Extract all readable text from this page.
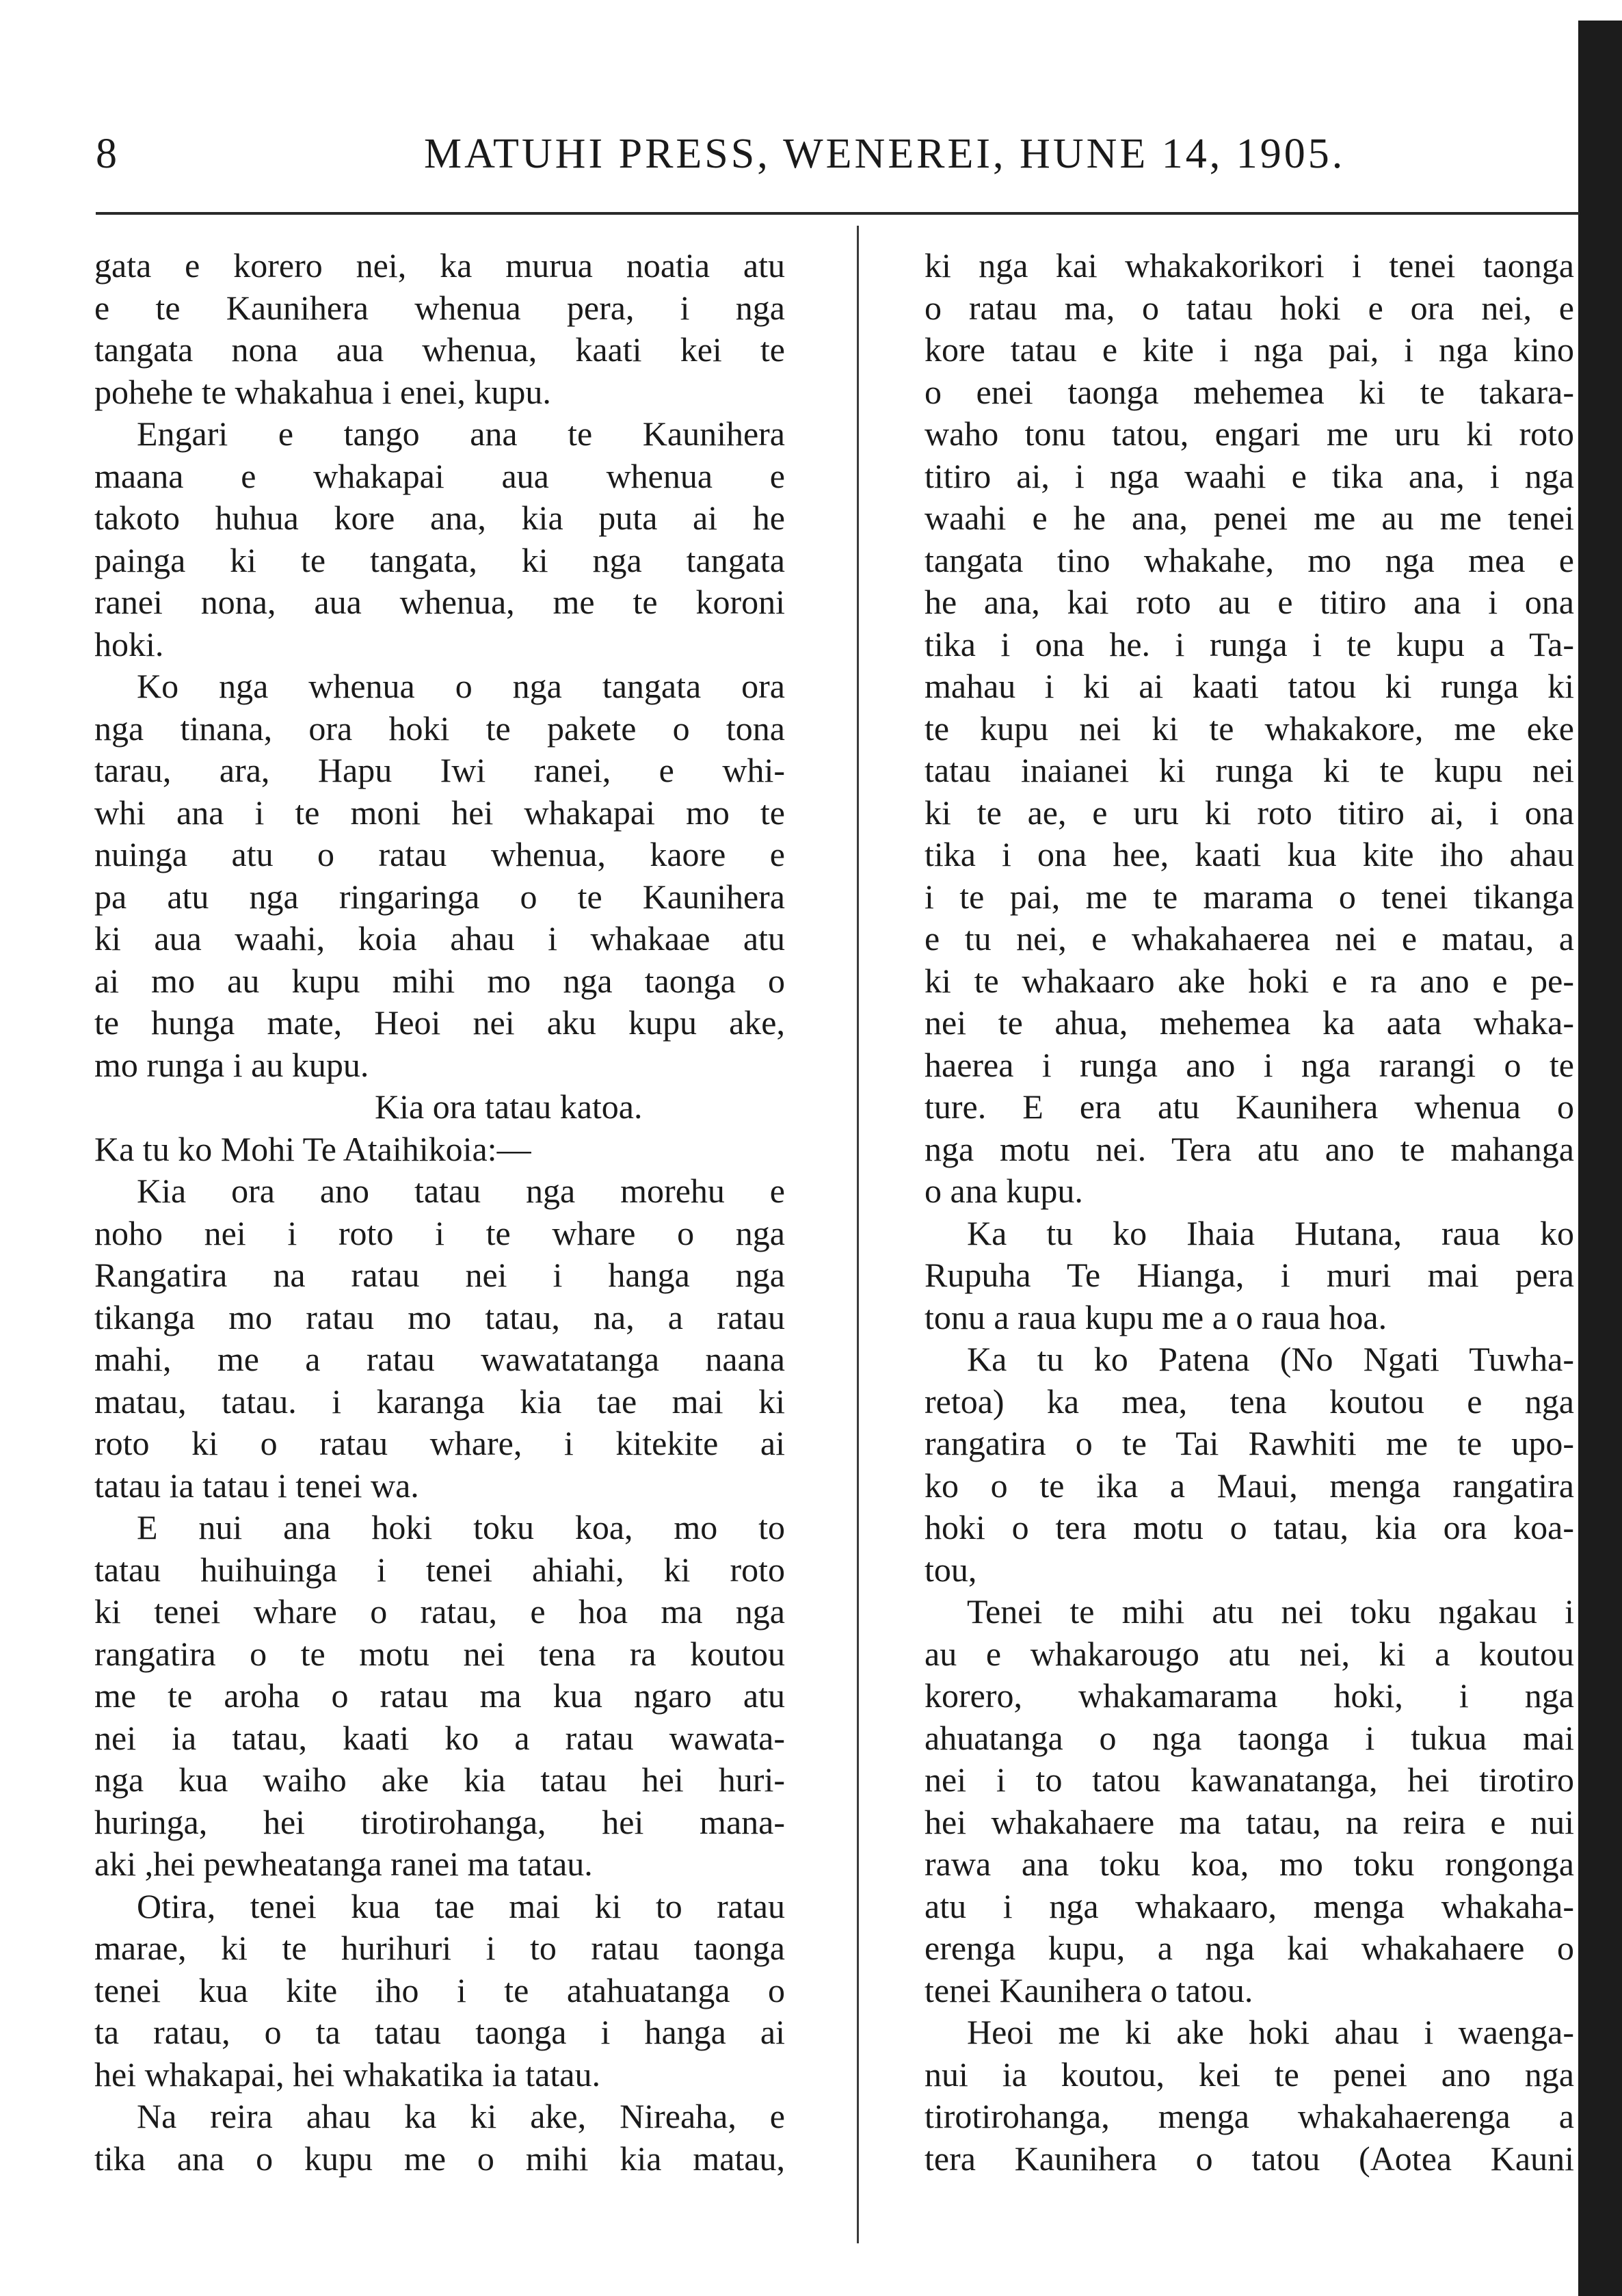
8	MATUHI PRESS, WENEREI, HUNE 14, 1905.
gata e korero nei, ka murua noatia atu
e te Kaunihera whenua pera, i nga
tangata nona aua whenua, kaati kei te
pohehe te whakahua i enei, kupu.
Engari e tango ana te Kaunihera
maana e whakapai aua whenua e
takoto huhua kore ana, kia puta ai he
painga ki te tangata, ki nga tangata
ranei nona, aua whenua, me te koroni
hoki.
Ko nga whenua o nga tangata ora
nga tinana, ora hoki te pakete o tona
tarau, ara, Hapu Iwi ranei, e whi-
whi ana i te moni hei whakapai mo te
nuinga atu o ratau whenua, kaore e
pa atu nga ringaringa o te Kaunihera
ki aua waahi, koia ahau i whakaae atu
ai mo au kupu mihi mo nga taonga o
te hunga mate, Heoi nei aku kupu ake,
mo runga i au kupu.
Kia ora tatau katoa.
Ka tu ko Mohi Te Ataihikoia:—
Kia ora ano tatau nga morehu e
noho nei i roto i te whare o nga
Rangatira na ratau nei i hanga nga
tikanga mo ratau mo tatau, na, a ratau
mahi, me a ratau wawatatanga naana
matau, tatau. i karanga kia tae mai ki
roto ki o ratau whare, i kitekite ai
tatau ia tatau i tenei wa.
E nui ana hoki toku koa, mo to
tatau huihuinga i tenei ahiahi, ki roto
ki tenei whare o ratau, e hoa ma nga
rangatira o te motu nei tena ra koutou
me te aroha o ratau ma kua ngaro atu
nei ia tatau, kaati ko a ratau wawata-
nga kua waiho ake kia tatau hei huri-
huringa, hei tirotirohanga, hei mana-
aki ,hei pewheatanga ranei ma tatau.
Otira, tenei kua tae mai ki to ratau
marae, ki te hurihuri i to ratau taonga
tenei kua kite iho i te atahuatanga o
ta ratau, o ta tatau taonga i hanga ai
hei whakapai, hei whakatika ia tatau.
Na reira ahau ka ki ake, Nireaha, e
tika ana o kupu me o mihi kia matau,
ki nga kai whakakorikori i tenei taonga
o ratau ma, o tatau hoki e ora nei, e
kore tatau e kite i nga pai, i nga kino
o enei taonga mehemea ki te takara-
waho tonu tatou, engari me uru ki roto
titiro ai, i nga waahi e tika ana, i nga
waahi e he ana, penei me au me tenei
tangata tino whakahe, mo nga mea e
he ana, kai roto au e titiro ana i ona
tika i ona he. i runga i te kupu a Ta-
mahau i ki ai kaati tatou ki runga ki
te kupu nei ki te whakakore, me eke
tatau inaianei ki runga ki te kupu nei
ki te ae, e uru ki roto titiro ai, i ona
tika i ona hee, kaati kua kite iho ahau
i te pai, me te marama o tenei tikanga
e tu nei, e whakahaerea nei e matau, a
ki te whakaaro ake hoki e ra ano e pe-
nei te ahua, mehemea ka aata whaka-
haerea i runga ano i nga rarangi o te
ture. E era atu Kaunihera whenua o
nga motu nei. Tera atu ano te mahanga
o ana kupu.
Ka tu ko Ihaia Hutana, raua ko
Rupuha Te Hianga, i muri mai pera
tonu a raua kupu me a o raua hoa.
Ka tu ko Patena (No Ngati Tuwha-
retoa) ka mea, tena koutou e nga
rangatira o te Tai Rawhiti me te upo-
ko o te ika a Maui, menga rangatira
hoki o tera motu o tatau, kia ora koa-
tou,
Tenei te mihi atu nei toku ngakau i
au e whakarougo atu nei, ki a koutou
korero, whakamarama hoki, i nga
ahuatanga o nga taonga i tukua mai
nei i to tatou kawanatanga, hei tirotiro
hei whakahaere ma tatau, na reira e nui
rawa ana toku koa, mo toku rongonga
atu i nga whakaaro, menga whakaha-
erenga kupu, a nga kai whakahaere o
tenei Kaunihera o tatou.
Heoi me ki ake hoki ahau i waenga-
nui ia koutou, kei te penei ano nga
tirotirohanga, menga whakahaerenga a
tera Kaunihera o tatou (Aotea Kauni
